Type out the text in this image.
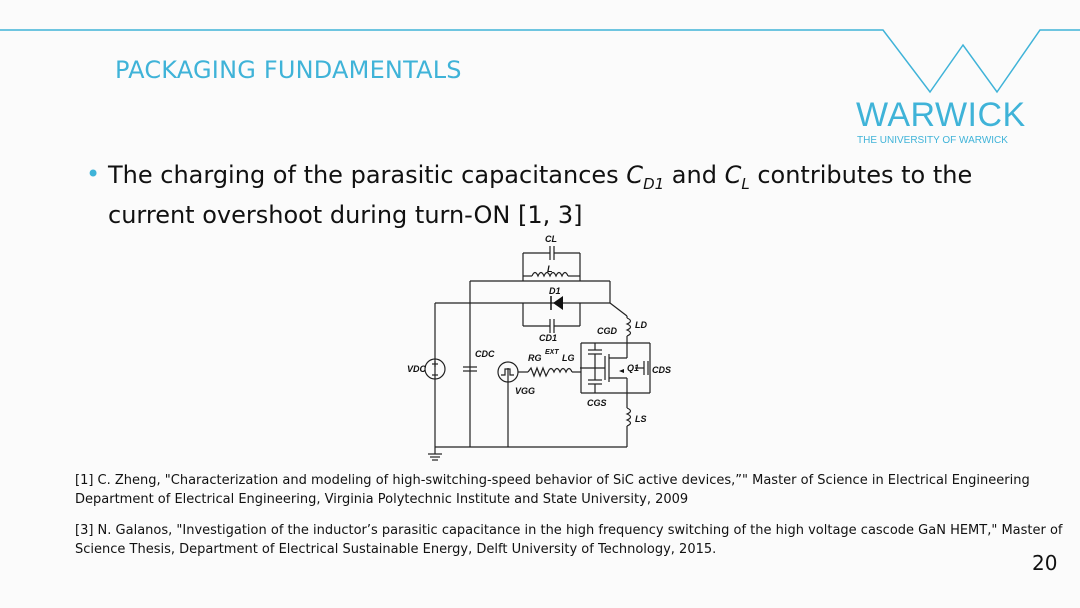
PACKAGING FUNDAMENTALS
WARWICK
THE UNIVERSITY OF WARWICK
• The charging of the parasitic capacitances $C_{D1}$ and $C_L$ contributes to the current overshoot during turn-ON [1, 3]
CL
L
D1
CD1
LD
CGD
Q1 CDS
CDC	RG
EXT
LG
VDC
VGG
CGS
LS
[1] C. Zheng, "Characterization and modeling of high-switching-speed behavior of SiC active devices,”" Master of Science in Electrical Engineering Department of Electrical Engineering, Virginia Polytechnic Institute and State University, 2009
[3] N. Galanos, "Investigation of the inductor’s parasitic capacitance in the high frequency switching of the high voltage cascode GaN HEMT," Master of Science Thesis, Department of Electrical Sustainable Energy, Delft University of Technology, 2015.
20
